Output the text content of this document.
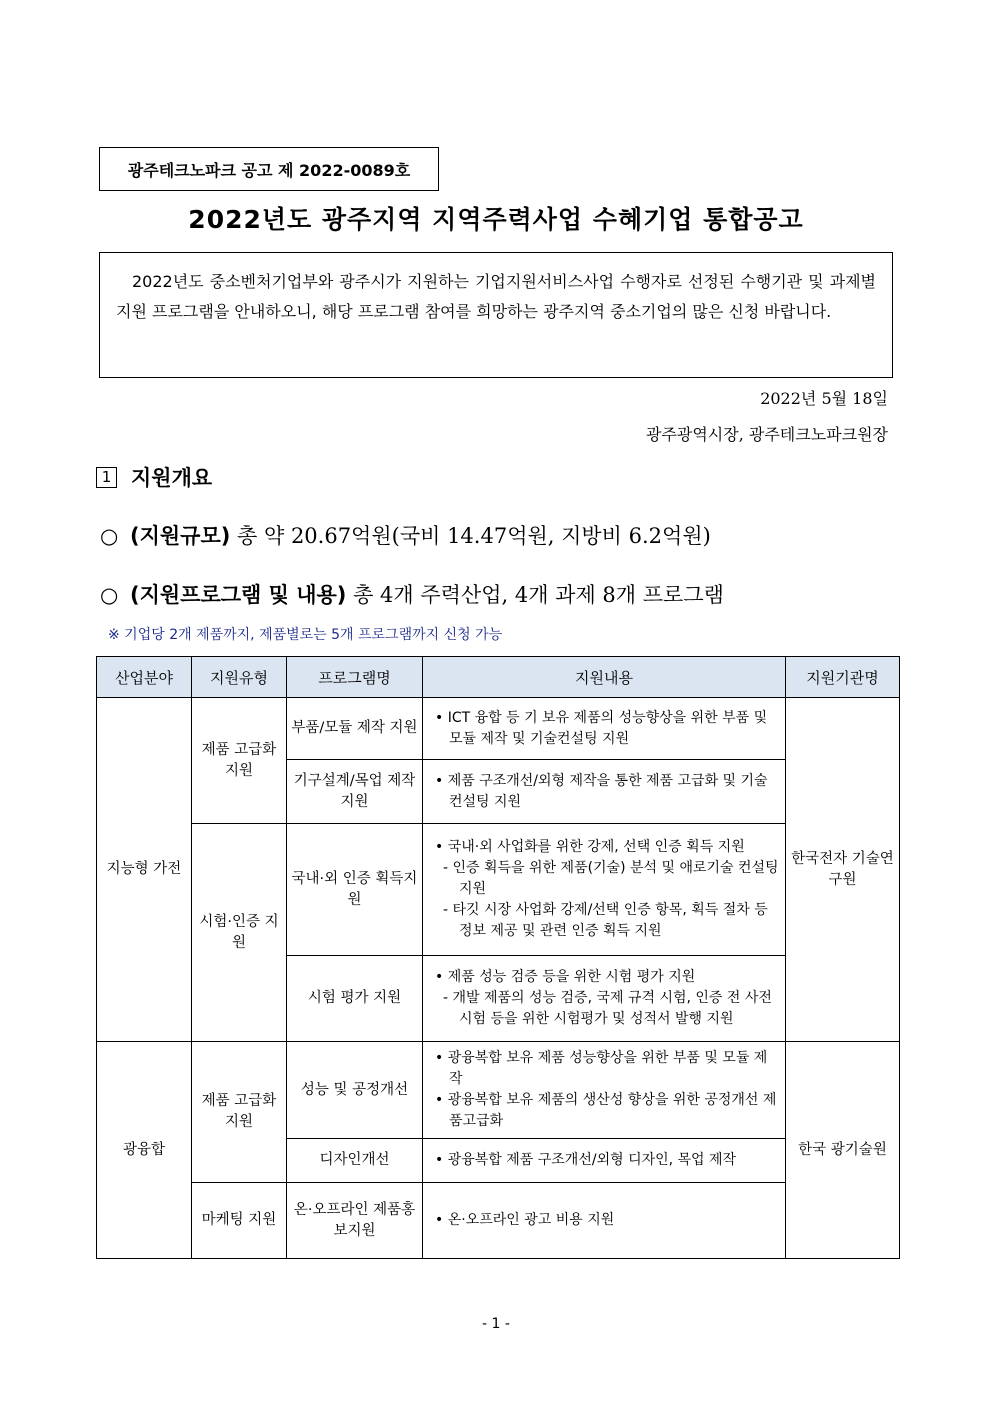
광주테크노파크 공고 제 2022-0089호
2022년도 광주지역 지역주력사업 수혜기업 통합공고
2022년도 중소벤처기업부와 광주시가 지원하는 기업지원서비스사업 수행자로 선정된 수행기관 및 과제별 지원 프로그램을 안내하오니, 해당 프로그램 참여를 희망하는 광주지역 중소기업의 많은 신청 바랍니다.
2022년 5월 18일
광주광역시장, 광주테크노파크원장
1 지원개요
○ (지원규모) 총 약 20.67억원(국비 14.47억원, 지방비 6.2억원)
○ (지원프로그램 및 내용) 총 4개 주력산업, 4개 과제 8개 프로그램
※ 기업당 2개 제품까지, 제품별로는 5개 프로그램까지 신청 가능
산업분야	지원유형	프로그램명	지원내용	지원기관명
지능형 가전	제품 고급화 지원	부품/모듈 제작 지원	• ICT 융합 등 기 보유 제품의 성능향상을 위한 부품 및 모듈 제작 및 기술컨설팅 지원	한국전자 기술연구원
		기구설계/목업 제작 지원	• 제품 구조개선/외형 제작을 통한 제품 고급화 및 기술컨설팅 지원	

	시험·인증 지원	국내·외 인증 획득지원	• 국내·외 사업화를 위한 강제, 선택 인증 획득 지원
- 인증 획득을 위한 제품(기술) 분석 및 애로기술 컨설팅 지원
- 타깃 시장 사업화 강제/선택 인증 항목, 획득 절차 등 정보 제공 및 관련 인증 획득 지원	

		시험 평가 지원	• 제품 성능 검증 등을 위한 시험 평가 지원
- 개발 제품의 성능 검증, 국제 규격 시험, 인증 전 사전시험 등을 위한 시험평가 및 성적서 발행 지원	

광융합	제품 고급화 지원	성능 및 공정개선	• 광융복합 보유 제품 성능향상을 위한 부품 및 모듈 제작
• 광융복합 보유 제품의 생산성 향상을 위한 공정개선 제품고급화	한국 광기술원
		디자인개선	• 광융복합 제품 구조개선/외형 디자인, 목업 제작	

	마케팅 지원	온·오프라인 제품홍보지원	• 온·오프라인 광고 비용 지원	
- 1 -
